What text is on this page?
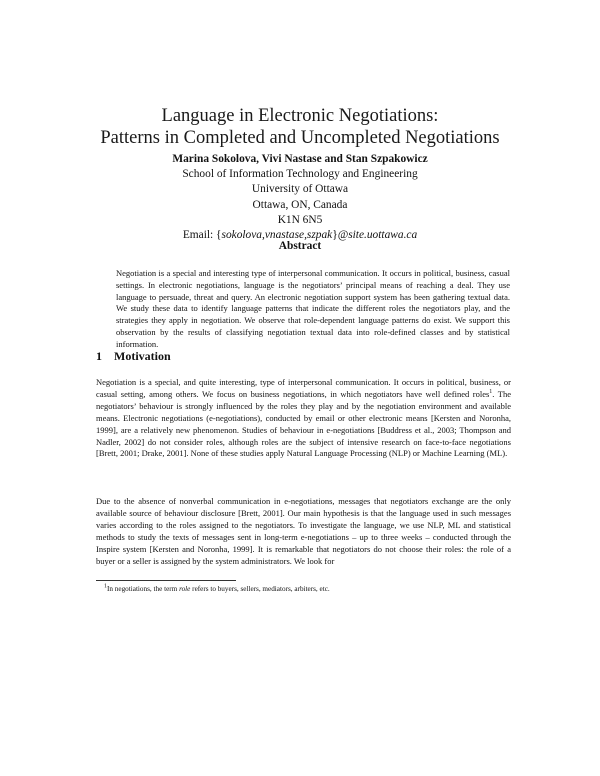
Language in Electronic Negotiations:
Patterns in Completed and Uncompleted Negotiations
Marina Sokolova, Vivi Nastase and Stan Szpakowicz
School of Information Technology and Engineering
University of Ottawa
Ottawa, ON, Canada
K1N 6N5
Email: {sokolova,vnastase,szpak}@site.uottawa.ca
Abstract
Negotiation is a special and interesting type of interpersonal communication. It occurs in political, business, casual settings. In electronic negotiations, language is the negotiators’ principal means of reaching a deal. They use language to persuade, threat and query. An electronic negotiation support system has been gathering textual data. We study these data to identify language patterns that indicate the different roles the negotiators play, and the strategies they apply in negotiation. We observe that role-dependent language patterns do exist. We support this observation by the results of classifying negotiation textual data into role-defined classes and by statistical information.
1 Motivation
Negotiation is a special, and quite interesting, type of interpersonal communication. It occurs in political, business, or casual setting, among others. We focus on business negotiations, in which negotiators have well defined roles$^1$. The negotiators’ behaviour is strongly influenced by the roles they play and by the negotiation environment and available means. Electronic negotiations (e-negotiations), conducted by email or other electronic means [Kersten and Noronha, 1999], are a relatively new phenomenon. Studies of behaviour in e-negotiations [Buddress et al., 2003; Thompson and Nadler, 2002] do not consider roles, although roles are the subject of intensive research on face-to-face negotiations [Brett, 2001; Drake, 2001]. None of these studies apply Natural Language Processing (NLP) or Machine Learning (ML).
Due to the absence of nonverbal communication in e-negotiations, messages that negotiators exchange are the only available source of behaviour disclosure [Brett, 2001]. Our main hypothesis is that the language used in such messages varies according to the roles assigned to the negotiators. To investigate the language, we use NLP, ML and statistical methods to study the texts of messages sent in long-term e-negotiations – up to three weeks – conducted through the Inspire system [Kersten and Noronha, 1999]. It is remarkable that negotiators do not choose their roles: the role of a buyer or a seller is assigned by the system administrators. We look for
$^1$In negotiations, the term role refers to buyers, sellers, mediators, arbiters, etc.
